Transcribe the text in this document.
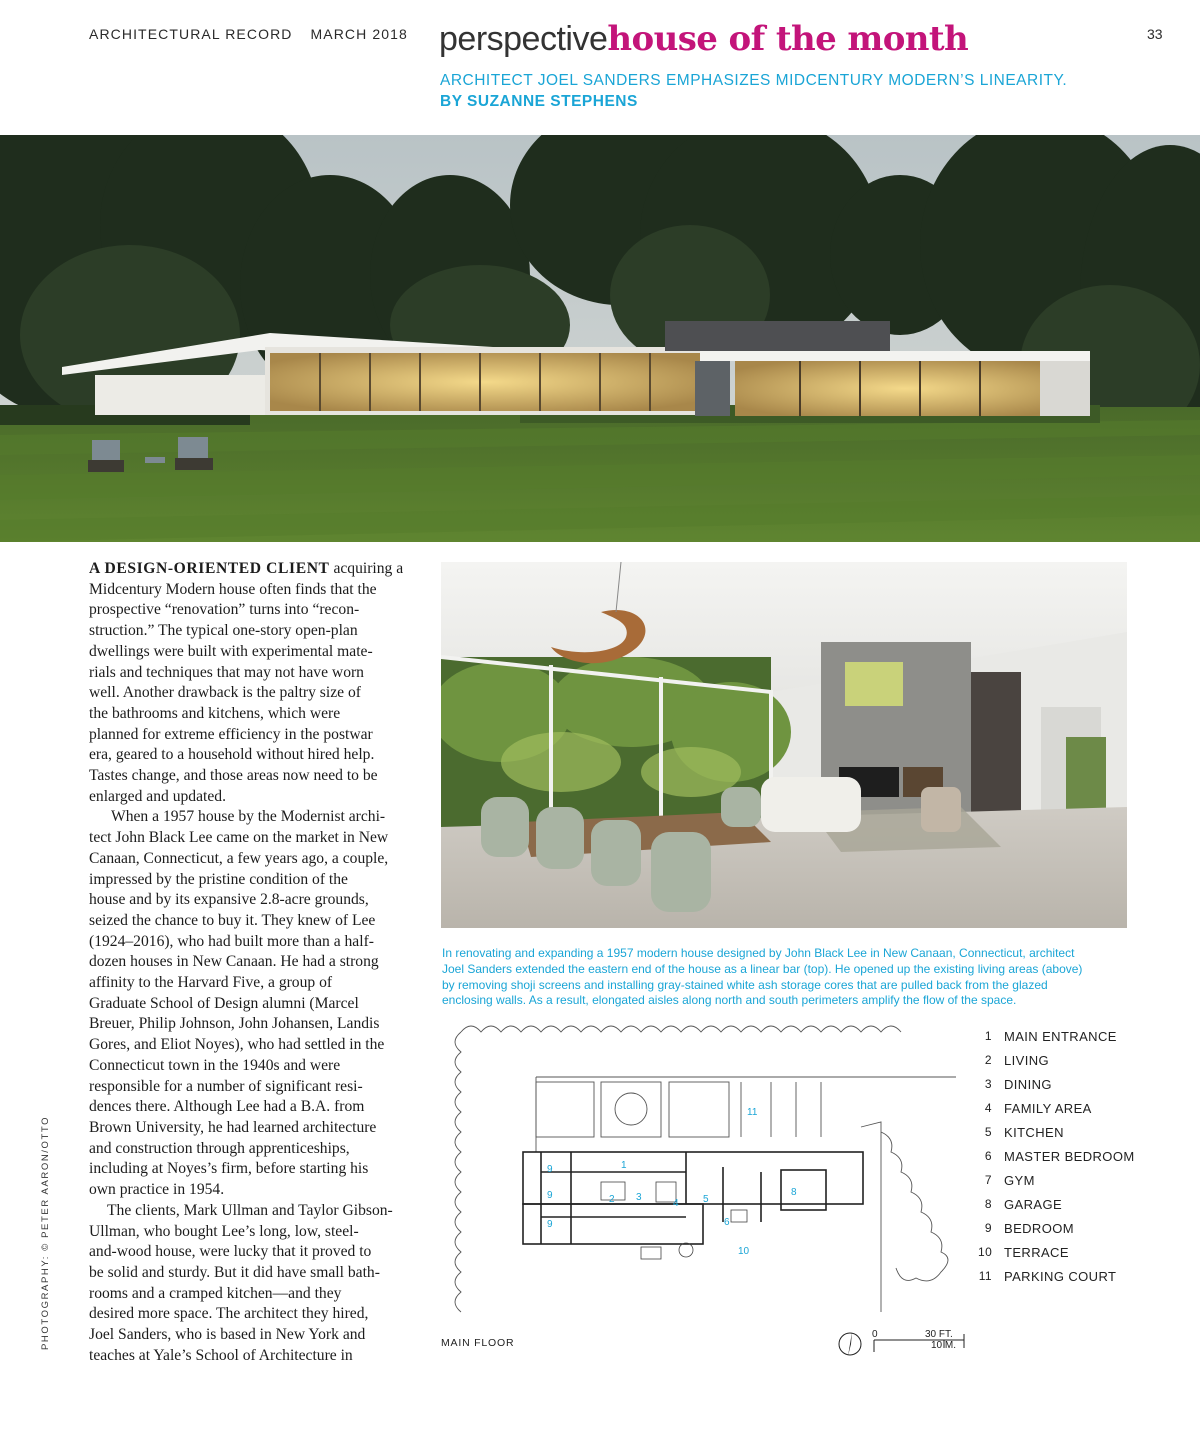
ARCHITECTURAL RECORD MARCH 2018	33
perspectivehouse of the month
ARCHITECT JOEL SANDERS EMPHASIZES MIDCENTURY MODERN’S LINEARITY.
BY SUZANNE STEPHENS
A DESIGN-ORIENTED CLIENT acquiring a
Midcentury Modern house often finds that the
prospective “renovation” turns into “recon-
struction.” The typical one-story open-plan
dwellings were built with experimental mate-
rials and techniques that may not have worn
well. Another drawback is the paltry size of
the bathrooms and kitchens, which were
planned for extreme efficiency in the postwar
era, geared to a household without hired help.
Tastes change, and those areas now need to be
enlarged and updated.
When a 1957 house by the Modernist archi-
tect John Black Lee came on the market in New
Canaan, Connecticut, a few years ago, a couple,
impressed by the pristine condition of the
house and by its expansive 2.8-acre grounds,
seized the chance to buy it. They knew of Lee
(1924–2016), who had built more than a half-
dozen houses in New Canaan. He had a strong
affinity to the Harvard Five, a group of
Graduate School of Design alumni (Marcel
Breuer, Philip Johnson, John Johansen, Landis
Gores, and Eliot Noyes), who had settled in the
Connecticut town in the 1940s and were
responsible for a number of significant resi-
dences there. Although Lee had a B.A. from
Brown University, he had learned architecture
and construction through apprenticeships,
including at Noyes’s firm, before starting his
own practice in 1954.
The clients, Mark Ullman and Taylor Gibson-
Ullman, who bought Lee’s long, low, steel-
and-wood house, were lucky that it proved to
be solid and sturdy. But it did have small bath-
rooms and a cramped kitchen—and they
desired more space. The architect they hired,
Joel Sanders, who is based in New York and
teaches at Yale’s School of Architecture in
PHOTOGRAPHY: © PETER AARON/OTTO
In renovating and expanding a 1957 modern house designed by John Black Lee in New Canaan, Connecticut, architect
Joel Sanders extended the eastern end of the house as a linear bar (top). He opened up the existing living areas (above)
by removing shoji screens and installing gray-stained white ash storage cores that are pulled back from the glazed
enclosing walls. As a result, elongated aisles along north and south perimeters amplify the flow of the space.
1
2 3
4 5
6
8
9
9
9
10
11
MAIN FLOOR
0	30 FT.
10 M.
1 MAIN ENTRANCE
2 LIVING
3 DINING
4 FAMILY AREA
5 KITCHEN
6 MASTER BEDROOM
7 GYM
8 GARAGE
9 BEDROOM
10 TERRACE
11 PARKING COURT
